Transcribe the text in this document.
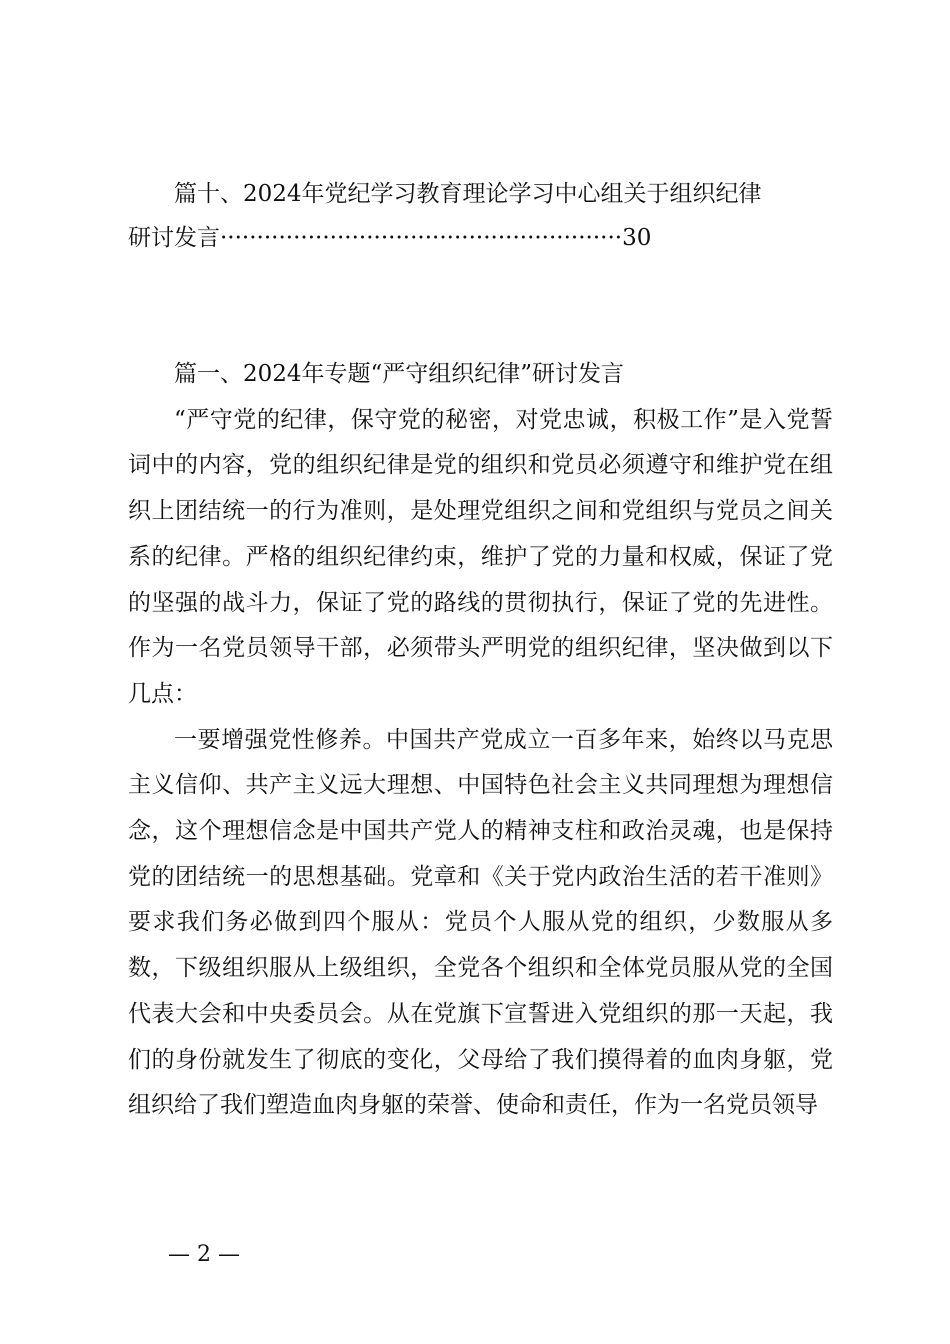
篇十、2024年党纪学习教育理论学习中心组关于组织纪律
研讨发言·······················································30

篇一、2024年专题“严守组织纪律”研讨发言

“严守党的纪律，保守党的秘密，对党忠诚，积极工作”是入党誓词中的内容，党的组织纪律是党的组织和党员必须遵守和维护党在组织上团结统一的行为准则，是处理党组织之间和党组织与党员之间关系的纪律。严格的组织纪律约束，维护了党的力量和权威，保证了党的坚强的战斗力，保证了党的路线的贯彻执行，保证了党的先进性。作为一名党员领导干部，必须带头严明党的组织纪律，坚决做到以下几点：

一要增强党性修养。中国共产党成立一百多年来，始终以马克思主义信仰、共产主义远大理想、中国特色社会主义共同理想为理想信念，这个理想信念是中国共产党人的精神支柱和政治灵魂，也是保持党的团结统一的思想基础。党章和《关于党内政治生活的若干准则》要求我们务必做到四个服从：党员个人服从党的组织，少数服从多数，下级组织服从上级组织，全党各个组织和全体党员服从党的全国代表大会和中央委员会。从在党旗下宣誓进入党组织的那一天起，我们的身份就发生了彻底的变化，父母给了我们摸得着的血肉身躯，党组织给了我们塑造血肉身躯的荣誉、使命和责任，作为一名党员领导

— 2 —
